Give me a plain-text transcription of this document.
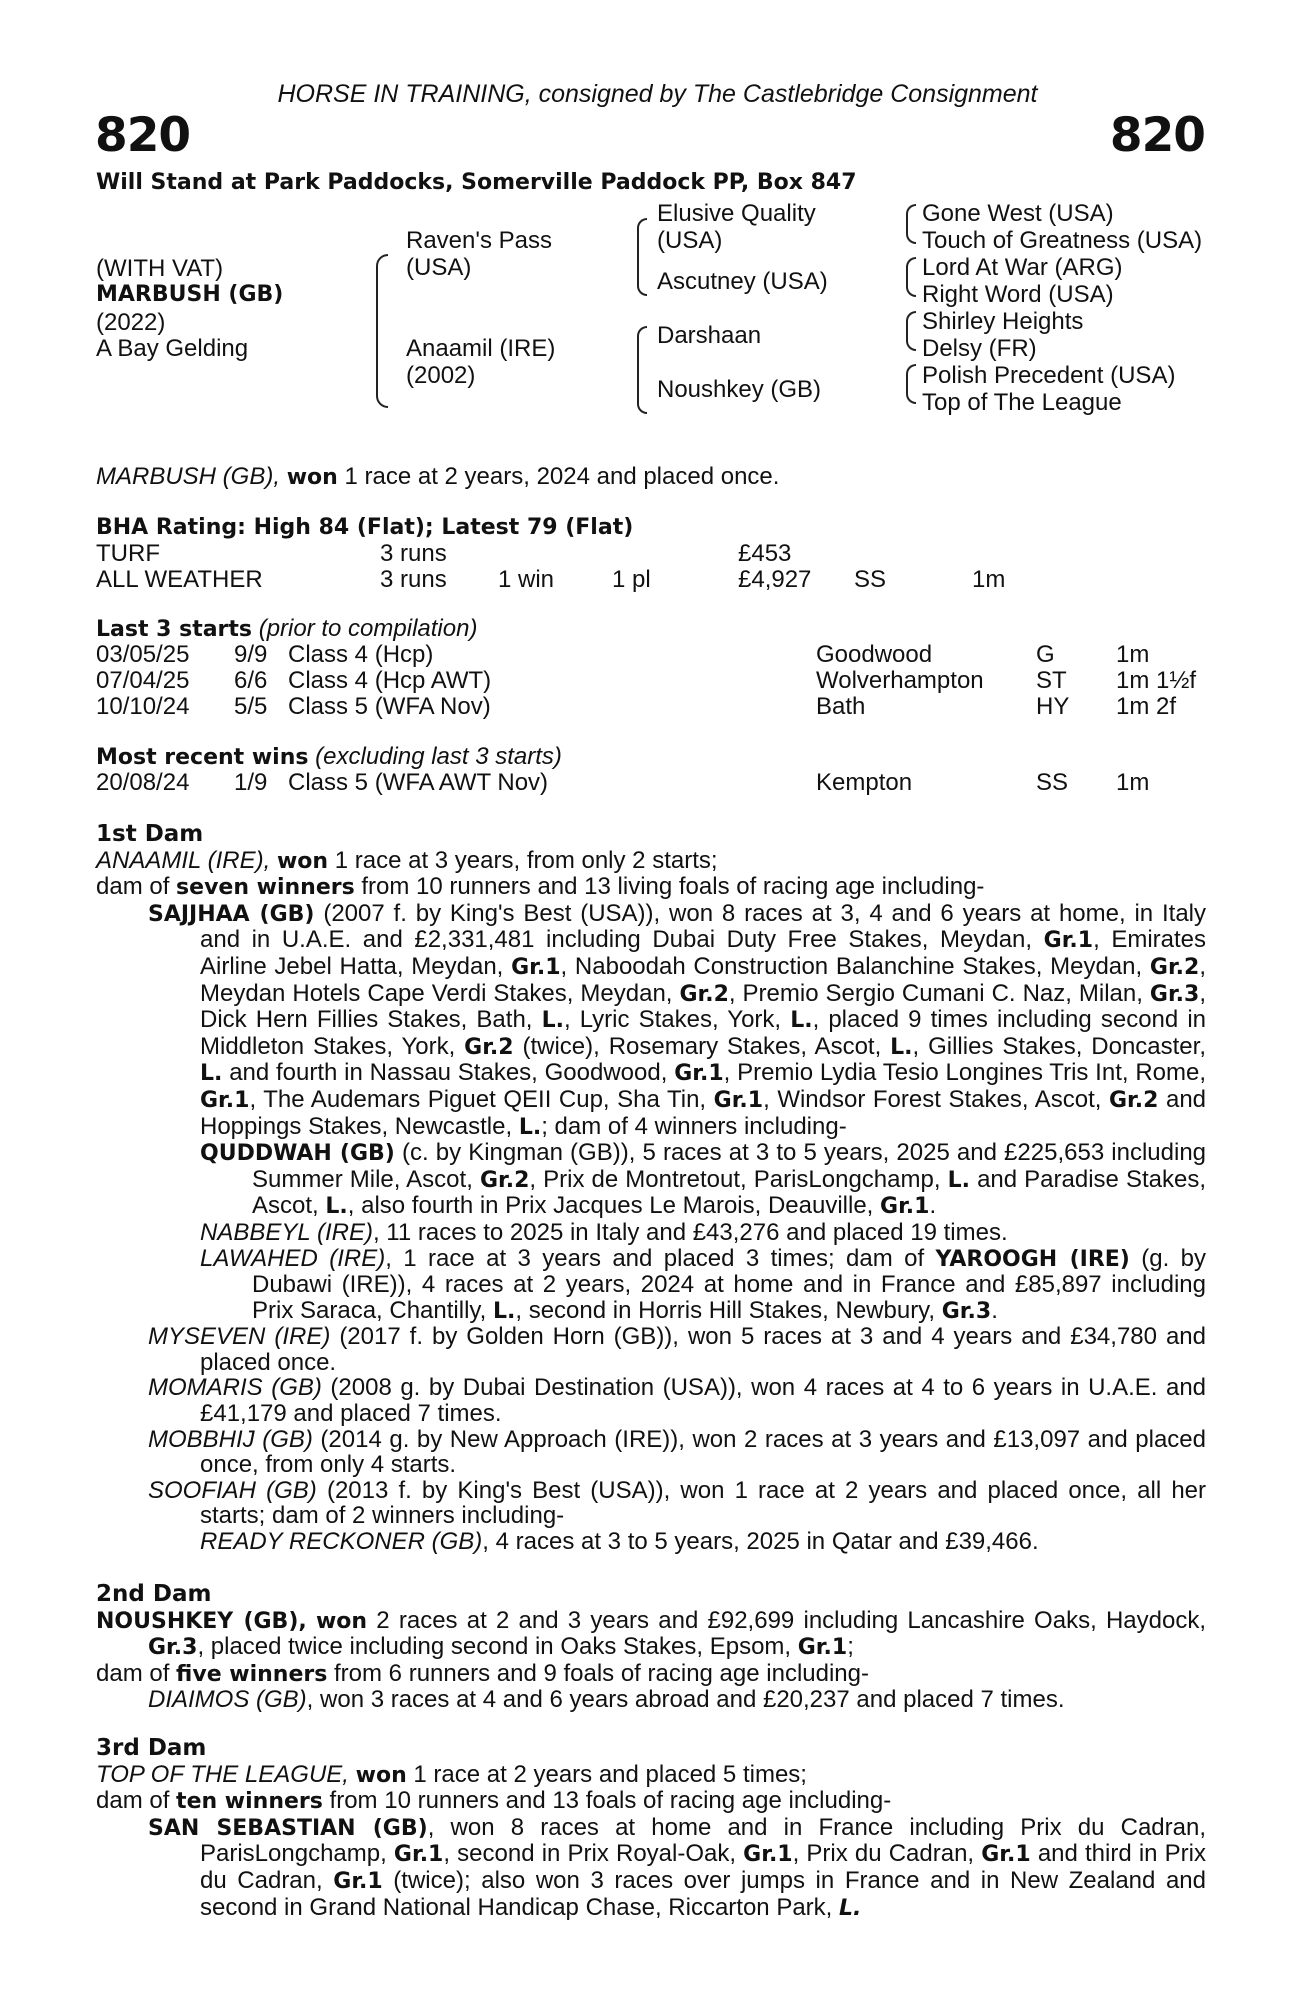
HORSE IN TRAINING, consigned by The Castlebridge Consignment
820	820
Will Stand at Park Paddocks, Somerville Paddock PP, Box 847
(WITH VAT)
MARBUSH (GB)
(2022)
A Bay Gelding
Raven's Pass
(USA)
Anaamil (IRE)
(2002)
Elusive Quality
(USA)
Ascutney (USA)
Darshaan
Noushkey (GB)
Gone West (USA)
Touch of Greatness (USA)
Lord At War (ARG)
Right Word (USA)
Shirley Heights
Delsy (FR)
Polish Precedent (USA)
Top of The League
MARBUSH (GB), won 1 race at 2 years, 2024 and placed once.
BHA Rating: High 84 (Flat); Latest 79 (Flat)
TURF	3 runs	£453
ALL WEATHER	3 runs 1 win 1 pl	£4,927 SS	1m
Last 3 starts (prior to compilation)
03/05/25 9/9 Class 4 (Hcp)	Goodwood	G	1m
07/04/25 6/6 Class 4 (Hcp AWT)	Wolverhampton ST 1m 1½f
10/10/24 5/5 Class 5 (WFA Nov)	Bath	HY 1m 2f
Most recent wins (excluding last 3 starts)
20/08/24 1/9 Class 5 (WFA AWT Nov)	Kempton	SS 1m
1st Dam

ANAAMIL (IRE), won 1 race at 3 years, from only 2 starts;

dam of seven winners from 10 runners and 13 living foals of racing age including-

SAJJHAA (GB) (2007 f. by King's Best (USA)), won 8 races at 3, 4 and 6 years at home, in Italy and in U.A.E. and £2,331,481 including Dubai Duty Free Stakes, Meydan, Gr.1, Emirates Airline Jebel Hatta, Meydan, Gr.1, Naboodah Construction Balanchine Stakes, Meydan, Gr.2, Meydan Hotels Cape Verdi Stakes, Meydan, Gr.2, Premio Sergio Cumani C. Naz, Milan, Gr.3, Dick Hern Fillies Stakes, Bath, L., Lyric Stakes, York, L., placed 9 times including second in Middleton Stakes, York, Gr.2 (twice), Rosemary Stakes, Ascot, L., Gillies Stakes, Doncaster, L. and fourth in Nassau Stakes, Goodwood, Gr.1, Premio Lydia Tesio Longines Tris Int, Rome, Gr.1, The Audemars Piguet QEII Cup, Sha Tin, Gr.1, Windsor Forest Stakes, Ascot, Gr.2 and Hoppings Stakes, Newcastle, L.; dam of 4 winners including-

QUDDWAH (GB) (c. by Kingman (GB)), 5 races at 3 to 5 years, 2025 and £225,653 including Summer Mile, Ascot, Gr.2, Prix de Montretout, ParisLongchamp, L. and Paradise Stakes, Ascot, L., also fourth in Prix Jacques Le Marois, Deauville, Gr.1.

NABBEYL (IRE), 11 races to 2025 in Italy and £43,276 and placed 19 times.

LAWAHED (IRE), 1 race at 3 years and placed 3 times; dam of YAROOGH (IRE) (g. by Dubawi (IRE)), 4 races at 2 years, 2024 at home and in France and £85,897 including Prix Saraca, Chantilly, L., second in Horris Hill Stakes, Newbury, Gr.3.

MYSEVEN (IRE) (2017 f. by Golden Horn (GB)), won 5 races at 3 and 4 years and £34,780 and placed once.

MOMARIS (GB) (2008 g. by Dubai Destination (USA)), won 4 races at 4 to 6 years in U.A.E. and £41,179 and placed 7 times.

MOBBHIJ (GB) (2014 g. by New Approach (IRE)), won 2 races at 3 years and £13,097 and placed once, from only 4 starts.

SOOFIAH (GB) (2013 f. by King's Best (USA)), won 1 race at 2 years and placed once, all her starts; dam of 2 winners including-

READY RECKONER (GB), 4 races at 3 to 5 years, 2025 in Qatar and £39,466.

2nd Dam

NOUSHKEY (GB), won 2 races at 2 and 3 years and £92,699 including Lancashire Oaks, Haydock, Gr.3, placed twice including second in Oaks Stakes, Epsom, Gr.1;

dam of five winners from 6 runners and 9 foals of racing age including-

DIAIMOS (GB), won 3 races at 4 and 6 years abroad and £20,237 and placed 7 times.

3rd Dam

TOP OF THE LEAGUE, won 1 race at 2 years and placed 5 times;

dam of ten winners from 10 runners and 13 foals of racing age including-

SAN SEBASTIAN (GB), won 8 races at home and in France including Prix du Cadran, ParisLongchamp, Gr.1, second in Prix Royal-Oak, Gr.1, Prix du Cadran, Gr.1 and third in Prix du Cadran, Gr.1 (twice); also won 3 races over jumps in France and in New Zealand and second in Grand National Handicap Chase, Riccarton Park, L.
